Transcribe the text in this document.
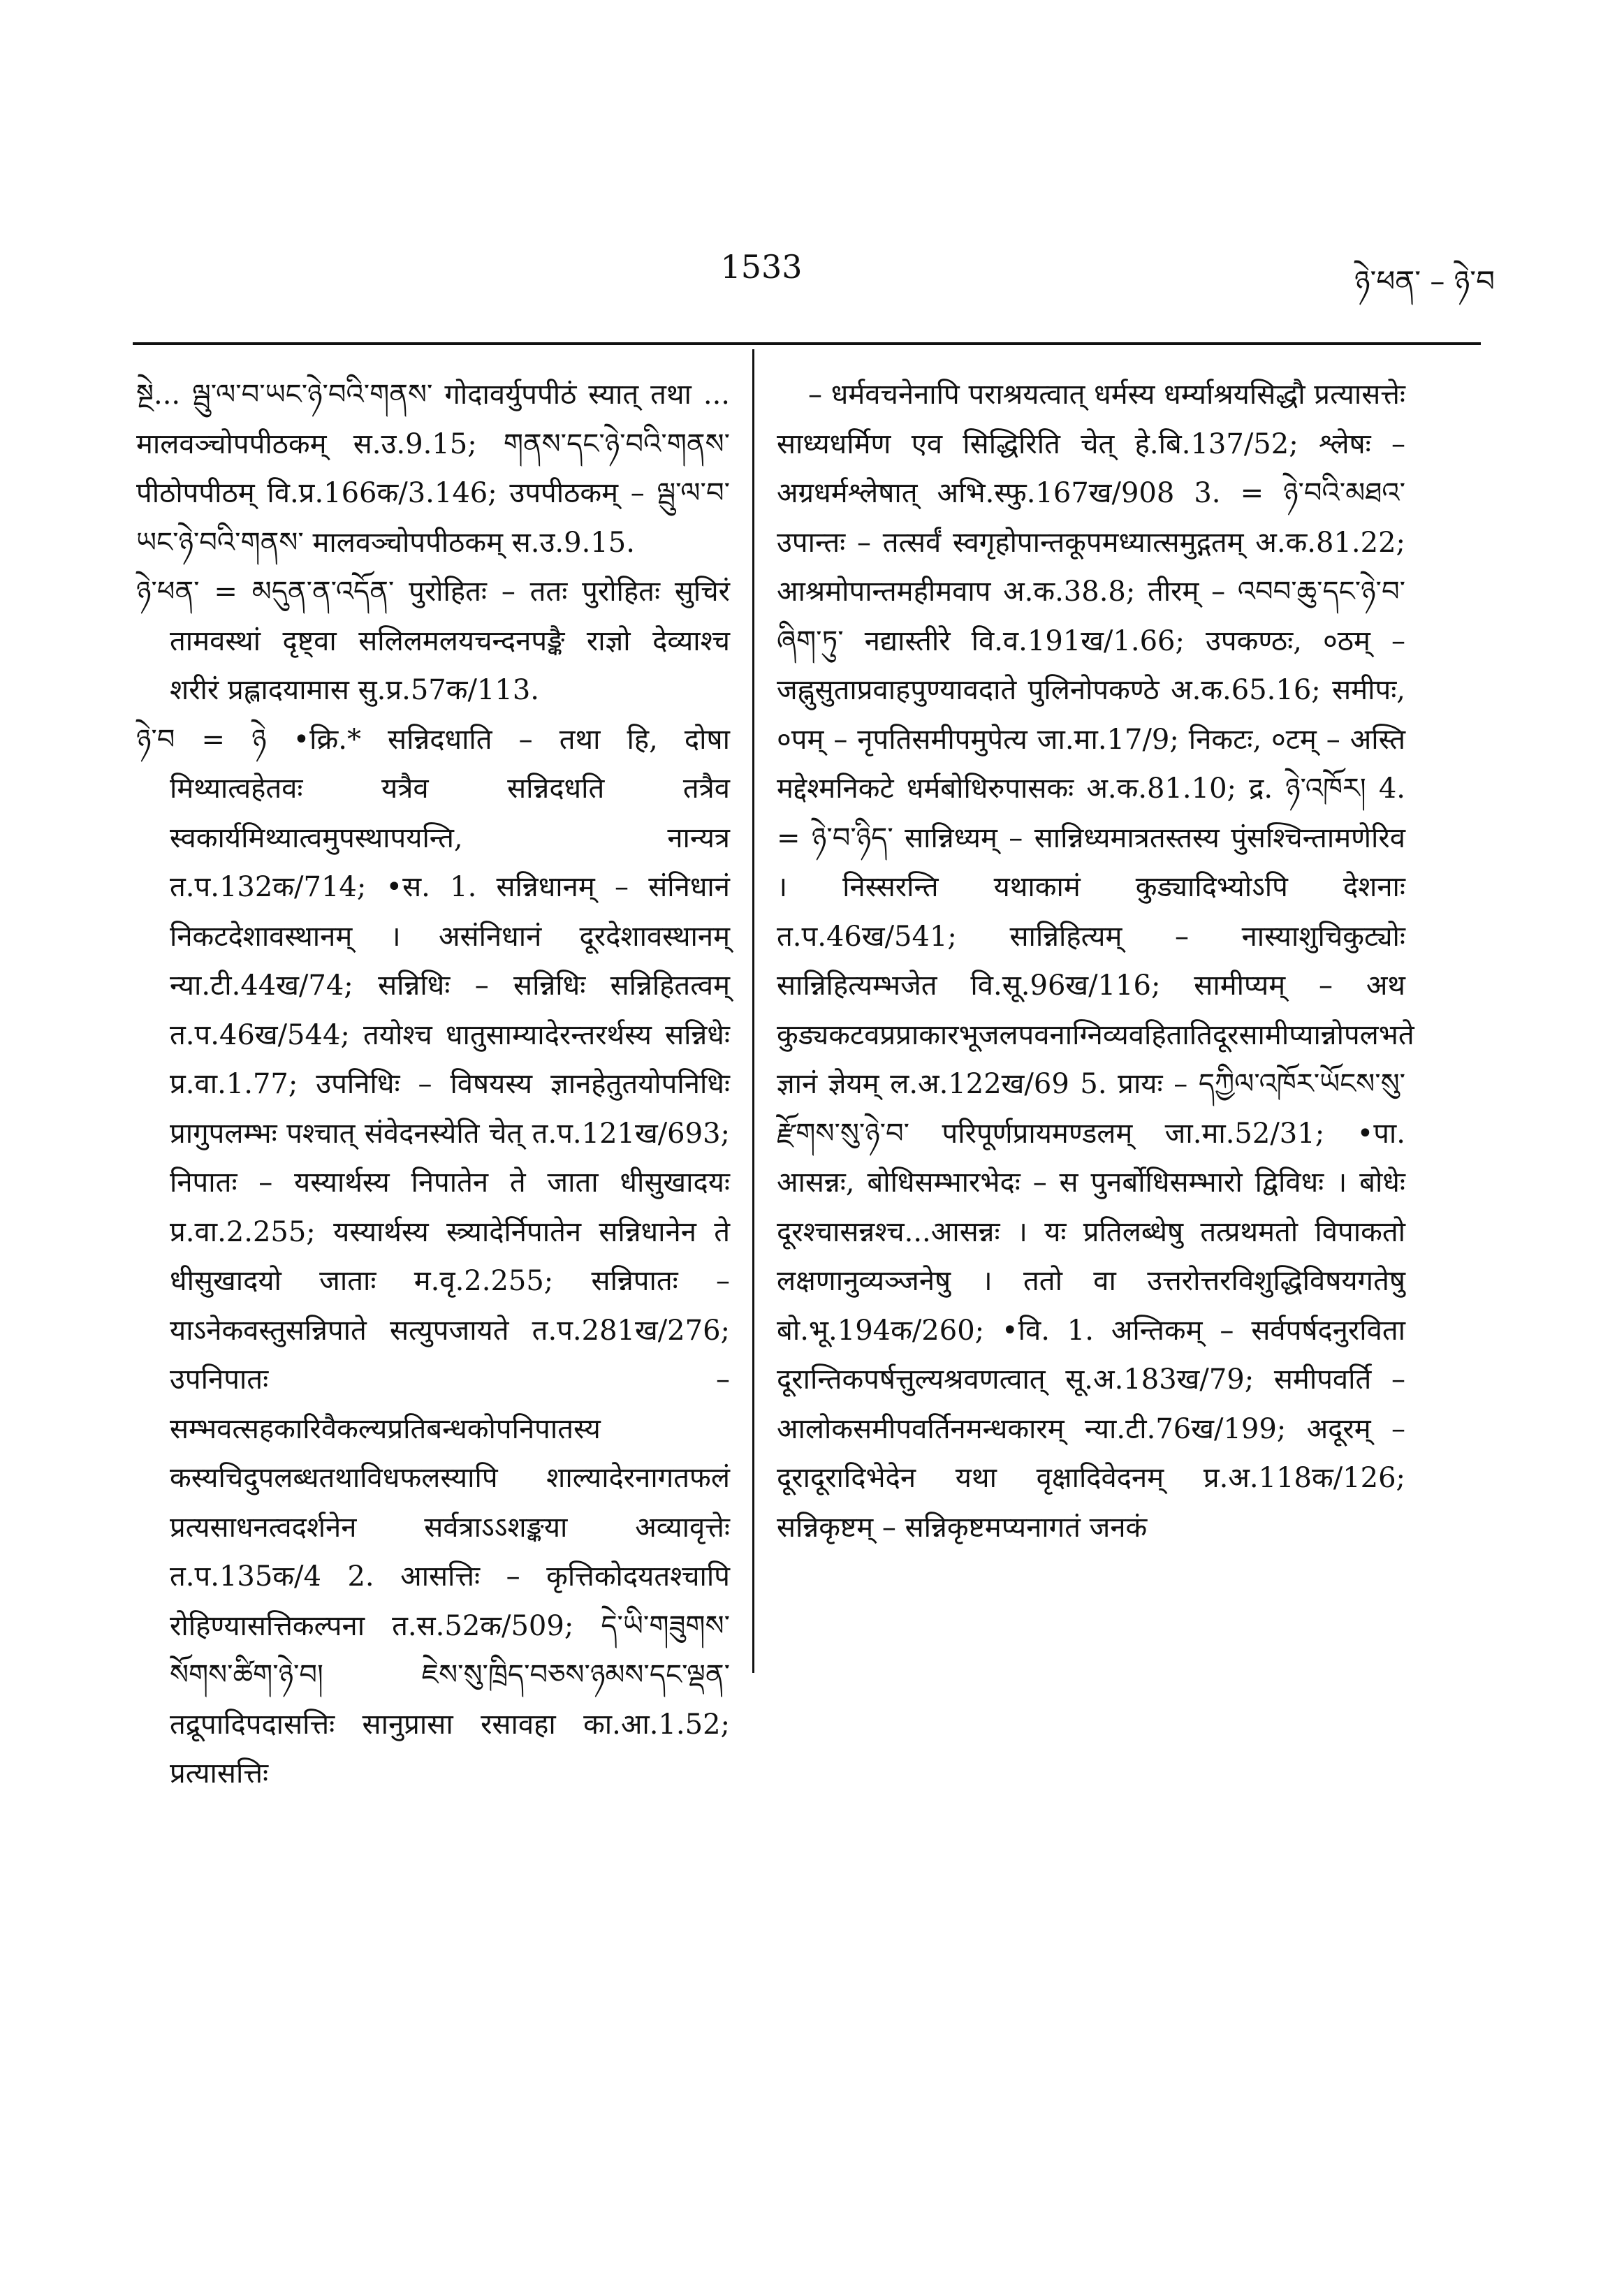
1533	ཉེ་ཕན་ – ཉེ་བ

སྔེ... ལྦུ་ལ་བ་ཡང་ཉེ་བའི་གནས་ गोदावर्युपपीठं स्यात् तथा ... मालवञ्चोपपीठकम् स.उ.9.15; གནས་དང་ཉེ་བའི་གནས་ पीठोपपीठम् वि.प्र.166क/3.146; उपपीठकम् – ལྦུ་ལ་བ་ཡང་ཉེ་བའི་གནས་ मालवञ्चोपपीठकम् स.उ.9.15.

ཉེ་ཕན་ = མདུན་ན་འདོན་ पुरोहितः – ततः पुरोहितः सुचिरं तामवस्थां दृष्ट्वा सलिलमलयचन्दनपङ्कै राज्ञो देव्याश्च शरीरं प्रह्लादयामास सु.प्र.57क/113.

ཉེ་བ = ཉེ •क्रि.* सन्निदधाति – तथा हि, दोषा मिथ्यात्वहेतवः यत्रैव सन्निदधति तत्रैव स्वकार्यमिथ्यात्वमुपस्थापयन्ति, नान्यत्र त.प.132क/714; •स. 1. सन्निधानम् – संनिधानं निकटदेशावस्थानम् । असंनिधानं दूरदेशावस्थानम् न्या.टी.44ख/74; सन्निधिः – सन्निधिः सन्निहितत्वम् त.प.46ख/544; तयोश्च धातुसाम्यादेरन्तरर्थस्य सन्निधेः प्र.वा.1.77; उपनिधिः – विषयस्य ज्ञानहेतुतयोपनिधिः प्रागुपलम्भः पश्चात् संवेदनस्येति चेत् त.प.121ख/693; निपातः – यस्यार्थस्य निपातेन ते जाता धीसुखादयः प्र.वा.2.255; यस्यार्थस्य स्त्र्यादेर्निपातेन सन्निधानेन ते धीसुखादयो जाताः म.वृ.2.255; सन्निपातः – याऽनेकवस्तुसन्निपाते सत्युपजायते त.प.281ख/276; उपनिपातः – सम्भवत्सहकारिवैकल्यप्रतिबन्धकोपनिपातस्य कस्यचिदुपलब्धतथाविधफलस्यापि शाल्यादेरनागतफलं प्रत्यसाधनत्वदर्शनेन सर्वत्राऽऽशङ्कया अव्यावृत्तेः त.प.135क/4 2. आसत्तिः – कृत्तिकोदयतश्चापि रोहिण्यासत्तिकल्पना त.स.52क/509; དེ་ཡི་གཟུགས་སོགས་ཚིག་ཉེ་བ། ཇེས་སུ་ཁྲིད་བཅས་ཉམས་དང་ལྡན་ तद्रूपादिपदासत्तिः सानुप्रासा रसावहा का.आ.1.52; प्रत्यासत्तिः

– धर्मवचनेनापि पराश्रयत्वात् धर्मस्य धर्म्याश्रयसिद्धौ प्रत्यासत्तेः साध्यधर्मिण एव सिद्धिरिति चेत् हे.बि.137/52; श्लेषः – अग्रधर्मश्लेषात् अभि.स्फु.167ख/908 3. = ཉེ་བའི་མཐའ་ उपान्तः – तत्सर्वं स्वगृहोपान्तकूपमध्यात्समुद्गतम् अ.क.81.22; आश्रमोपान्तमहीमवाप अ.क.38.8; तीरम् – འབབ་ཆུ་དང་ཉེ་བ་ཞིག་ཏུ་ नद्यास्तीरे वि.व.191ख/1.66; उपकण्ठः, ०ठम् – जह्नुसुताप्रवाहपुण्यावदाते पुलिनोपकण्ठे अ.क.65.16; समीपः, ०पम् – नृपतिसमीपमुपेत्य जा.मा.17/9; निकटः, ०टम् – अस्ति मद्देश्मनिकटे धर्मबोधिरुपासकः अ.क.81.10; द्र. ཉེ་འཁོར། 4. = ཉེ་བ་ཉིད་ सान्निध्यम् – सान्निध्यमात्रतस्तस्य पुंसश्चिन्तामणेरिव । निस्सरन्ति यथाकामं कुड्यादिभ्योऽपि देशनाः त.प.46ख/541; सान्निहित्यम् – नास्याशुचिकुट्योः सान्निहित्यम्भजेत वि.सू.96ख/116; सामीप्यम् – अथ कुड्यकटवप्रप्राकारभूजलपवनाग्निव्यवहितातिदूरसामीप्यान्नोपलभते ज्ञानं ज्ञेयम् ल.अ.122ख/69 5. प्रायः – དཀྱིལ་འཁོར་ཡོངས་སུ་རྫོགས་སུ་ཉེ་བ་ परिपूर्णप्रायमण्डलम् जा.मा.52/31; •पा. आसन्नः, बोधिसम्भारभेदः – स पुनर्बोधिसम्भारो द्विविधः । बोधेः दूरश्चासन्नश्च...आसन्नः । यः प्रतिलब्धेषु तत्प्रथमतो विपाकतो लक्षणानुव्यञ्जनेषु । ततो वा उत्तरोत्तरविशुद्धिविषयगतेषु बो.भू.194क/260; •वि. 1. अन्तिकम् – सर्वपर्षदनुरविता दूरान्तिकपर्षत्तुल्यश्रवणत्वात् सू.अ.183ख/79; समीपवर्ति – आलोकसमीपवर्तिनमन्धकारम् न्या.टी.76ख/199; अदूरम् – दूरादूरादिभेदेन यथा वृक्षादिवेदनम् प्र.अ.118क/126; सन्निकृष्टम् – सन्निकृष्टमप्यनागतं जनकं
